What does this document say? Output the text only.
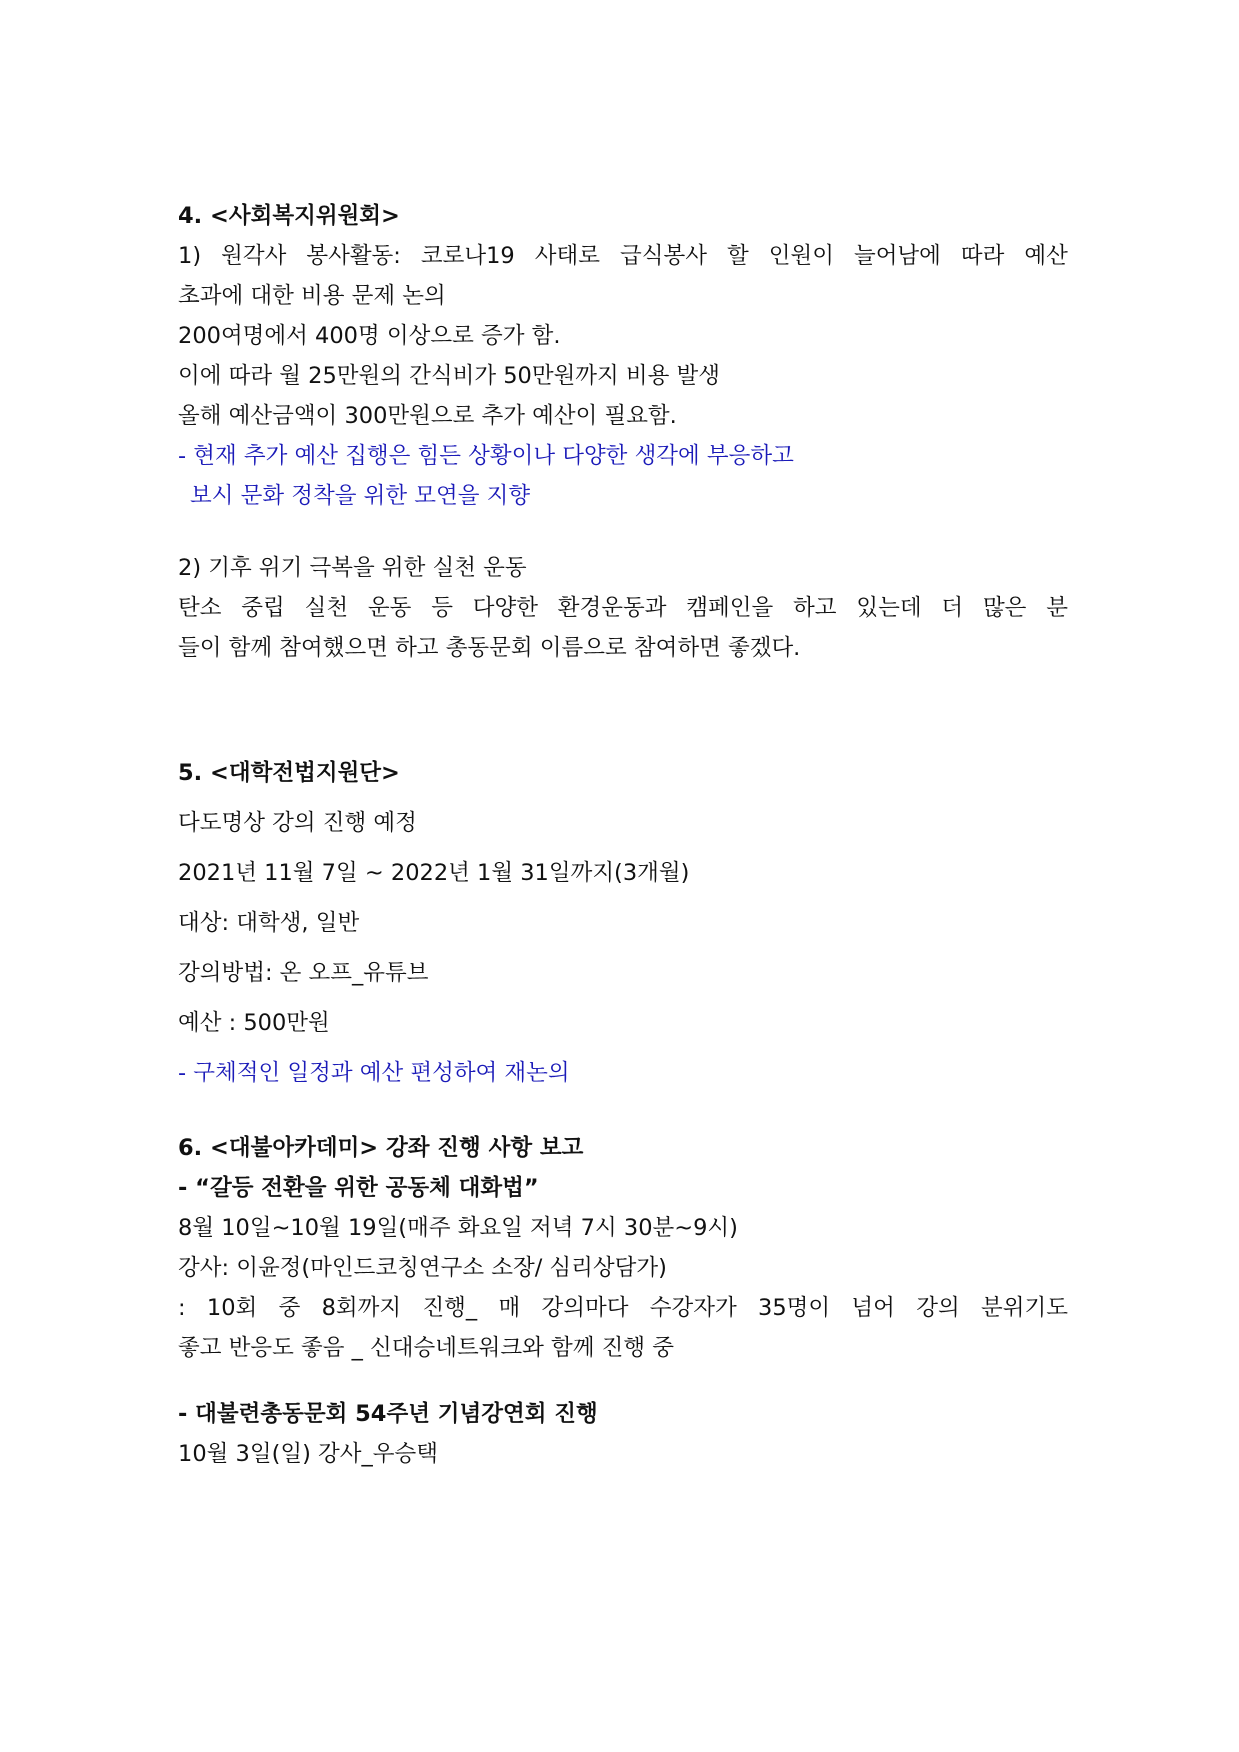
4. <사회복지위원회>
1) 원각사 봉사활동: 코로나19 사태로 급식봉사 할 인원이 늘어남에 따라 예산
초과에 대한 비용 문제 논의
200여명에서 400명 이상으로 증가 함.
이에 따라 월 25만원의 간식비가 50만원까지 비용 발생
올해 예산금액이 300만원으로 추가 예산이 필요함.
- 현재 추가 예산 집행은 힘든 상황이나 다양한 생각에 부응하고
보시 문화 정착을 위한 모연을 지향
2) 기후 위기 극복을 위한 실천 운동
탄소 중립 실천 운동 등 다양한 환경운동과 캠페인을 하고 있는데 더 많은 분
들이 함께 참여했으면 하고 총동문회 이름으로 참여하면 좋겠다.
5. <대학전법지원단>
다도명상 강의 진행 예정
2021년 11월 7일 ~ 2022년 1월 31일까지(3개월)
대상: 대학생, 일반
강의방법: 온 오프_유튜브
예산 : 500만원
- 구체적인 일정과 예산 편성하여 재논의
6. <대불아카데미> 강좌 진행 사항 보고
- “갈등 전환을 위한 공동체 대화법”
8월 10일~10월 19일(매주 화요일 저녁 7시 30분~9시)
강사: 이윤정(마인드코칭연구소 소장/ 심리상담가)
: 10회 중 8회까지 진행_ 매 강의마다 수강자가 35명이 넘어 강의 분위기도
좋고 반응도 좋음 _ 신대승네트워크와 함께 진행 중
- 대불련총동문회 54주년 기념강연회 진행
10월 3일(일) 강사_우승택
